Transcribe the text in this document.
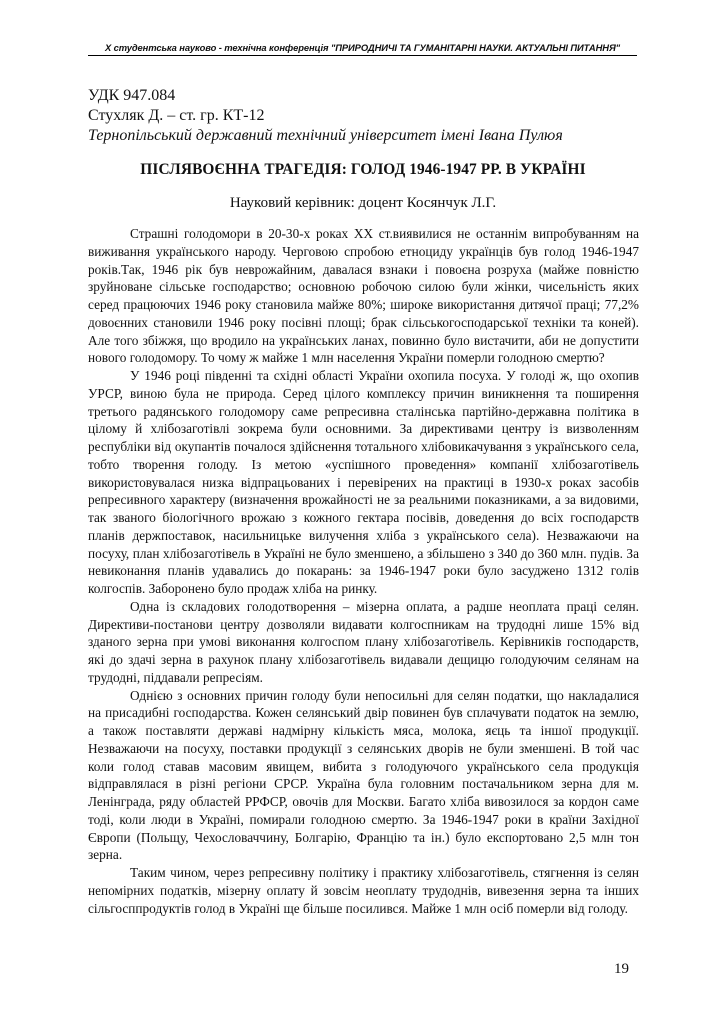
X студентська науково - технічна конференція "ПРИРОДНИЧІ ТА ГУМАНІТАРНІ НАУКИ. АКТУАЛЬНІ ПИТАННЯ"
УДК 947.084
Стухляк Д. – ст. гр. КТ-12
Тернопільський державний технічний університет імені Івана Пулюя
ПІСЛЯВОЄННА ТРАГЕДІЯ: ГОЛОД 1946-1947 РР. В УКРАЇНІ
Науковий керівник: доцент Косянчук Л.Г.

Страшні голодомори в 20-30-х роках XX ст.виявилися не останнім випробуванням на виживання українського народу. Черговою спробою етноциду українців був голод 1946-1947 років.Так, 1946 рік був неврожайним, давалася взнаки і повоєна розруха (майже повністю зруйноване сільське господарство; основною робочою силою були жінки, чисельність яких серед працюючих 1946 року становила майже 80%; широке використання дитячої праці; 77,2% довоєнних становили 1946 року посівні площі; брак сільськогосподарської техніки та коней). Але того збіжжя, що вродило на українських ланах, повинно було вистачити, аби не допустити нового голодомору. То чому ж майже 1 млн населення України померли голодною смертю?

У 1946 році південні та східні області України охопила посуха. У голоді ж, що охопив УРСР, виною була не природа. Серед цілого комплексу причин виникнення та поширення третього радянського голодомору саме репресивна сталінська партійно-державна політика в цілому й хлібозаготівлі зокрема були основними. За директивами центру із визволенням республіки від окупантів почалося здійснення тотального хлібовикачування з українського села, тобто творення голоду. Із метою «успішного проведення» компанії хлібозаготівель використовувалася низка відпрацьованих і перевірених на практиці в 1930-х роках засобів репресивного характеру (визначення врожайності не за реальними показниками, а за видовими, так званого біологічного врожаю з кожного гектара посівів, доведення до всіх господарств планів держпоставок, насильницьке вилучення хліба з українського села). Незважаючи на посуху, план хлібозаготівель в Україні не було зменшено, а збільшено з 340 до 360 млн. пудів. За невиконання планів удавались до покарань: за 1946-1947 роки було засуджено 1312 голів колгоспів. Заборонено було продаж хліба на ринку.

Одна із складових голодотворення – мізерна оплата, а радше неоплата праці селян. Директиви-постанови центру дозволяли видавати колгоспникам на трудодні лише 15% від зданого зерна при умові виконання колгоспом плану хлібозаготівель. Керівників господарств, які до здачі зерна в рахунок плану хлібозаготівель видавали дещицю голодуючим селянам на трудодні, піддавали репресіям.

Однією з основних причин голоду були непосильні для селян податки, що накладалися на присадибні господарства. Кожен селянський двір повинен був сплачувати податок на землю, а також поставляти державі надмірну кількість мяса, молока, яєць та іншої продукції. Незважаючи на посуху, поставки продукції з селянських дворів не були зменшені. В той час коли голод ставав масовим явищем, вибита з голодуючого українського села продукція відправлялася в різні регіони СРСР. Україна була головним постачальником зерна для м. Ленінграда, ряду областей РРФСР, овочів для Москви. Багато хліба вивозилося за кордон саме тоді, коли люди в Україні, помирали голодною смертю. За 1946-1947 роки в країни Західної Європи (Польщу, Чехословаччину, Болгарію, Францію та ін.) було експортовано 2,5 млн тон зерна.

Таким чином, через репресивну політику і практику хлібозаготівель, стягнення із селян непомірних податків, мізерну оплату й зовсім неоплату трудоднів, вивезення зерна та інших сільгосппродуктів голод в Україні ще більше посилився. Майже 1 млн осіб померли від голоду.

19
